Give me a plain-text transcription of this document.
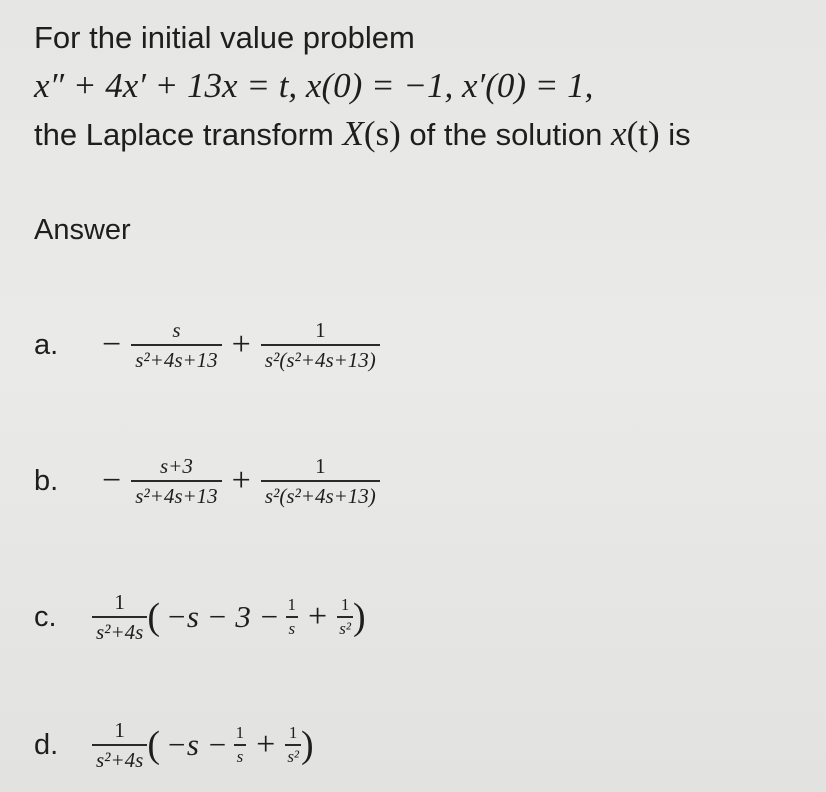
For the initial value problem
x″ + 4x′ + 13x = t, x(0) = −1, x′(0) = 1,
the Laplace transform X(s) of the solution x(t) is
Answer
a.	− $\frac{s}{\text{s²+4s+13}} + \frac{1}{\text{s²(s²+4s+13)}}$
b.	− $\frac{s+3}{\text{s²+4s+13}} + \frac{1}{\text{s²(s²+4s+13)}}$
c.	$\frac{1}{\text{s²+4s}}$ ( $-s - 3 - \frac{1}{s} + \frac{1}{\text{s²}}$ )
d.	$\frac{1}{\text{s²+4s}}$ ( $-s - \frac{1}{s} + \frac{1}{\text{s²}}$ )
